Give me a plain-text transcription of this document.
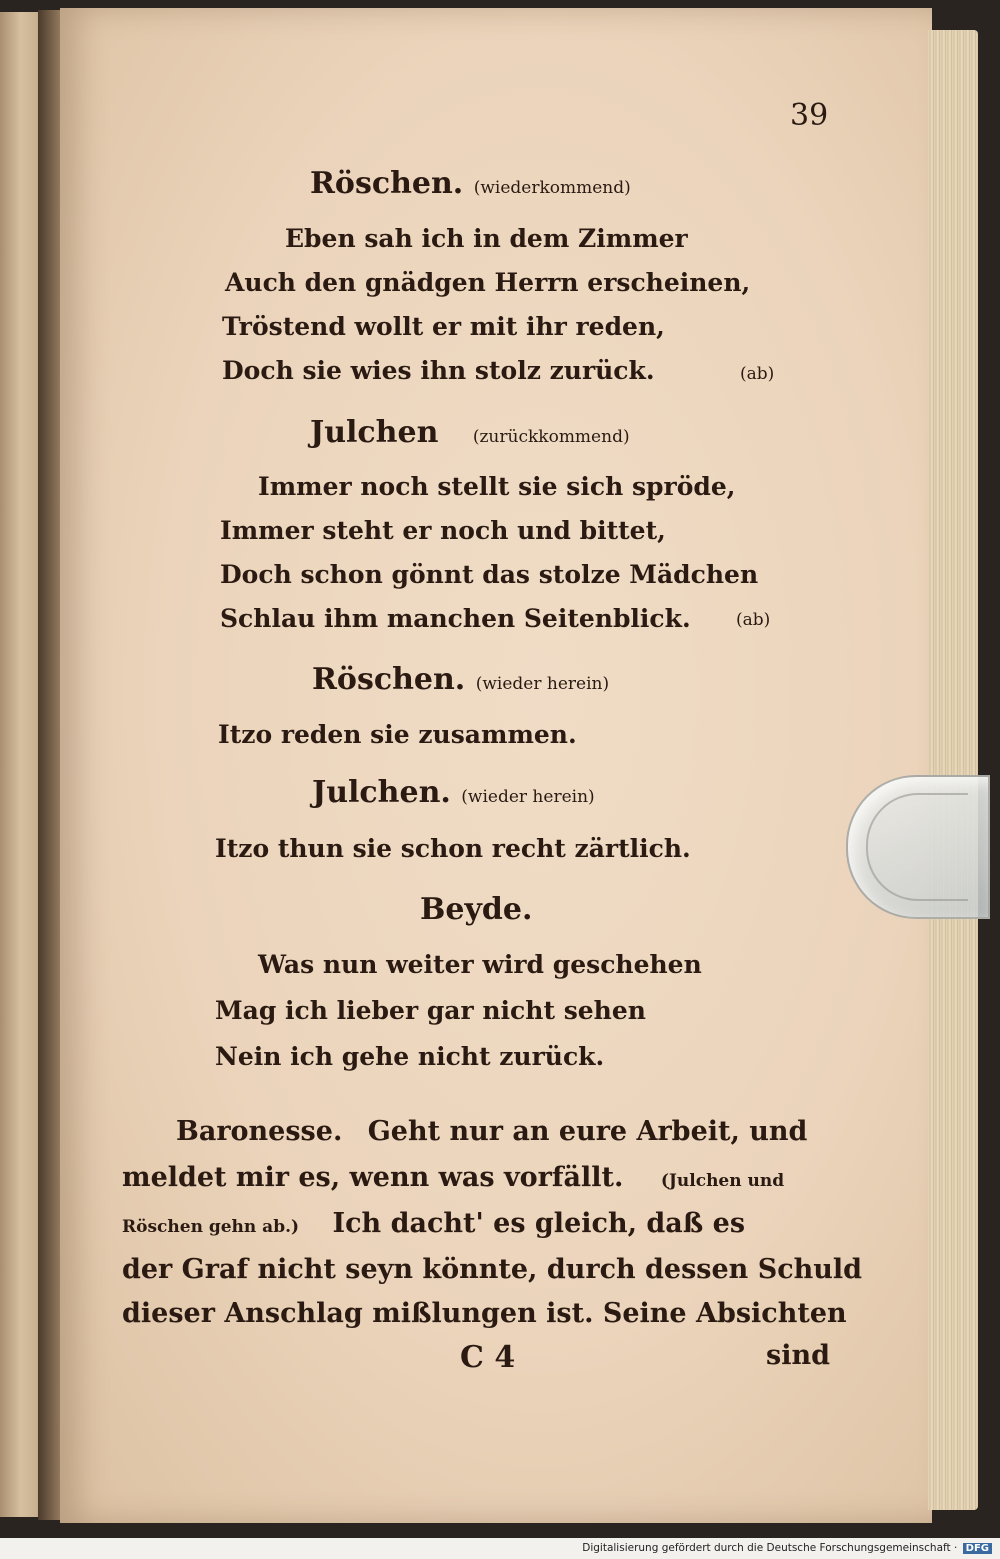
39
Röschen. (wiederkommend)
Eben sah ich in dem Zimmer
Auch den gnädgen Herrn erscheinen,
Tröstend wollt er mit ihr reden,
Doch sie wies ihn stolz zurück.	(ab)
Julchen (zurückkommend)
Immer noch stellt sie sich spröde,
Immer steht er noch und bittet,
Doch schon gönnt das stolze Mädchen
Schlau ihm manchen Seitenblick.	(ab)
Röschen. (wieder herein)
Itzo reden sie zusammen.
Julchen. (wieder herein)
Itzo thun sie schon recht zärtlich.
Beyde.
Was nun weiter wird geschehen
Mag ich lieber gar nicht sehen
Nein ich gehe nicht zurück.
Baronesse. Geht nur an eure Arbeit, und
meldet mir es, wenn was vorfällt. (Julchen und
Röschen gehn ab.) Ich dacht' es gleich, daß es
der Graf nicht seyn könnte, durch dessen Schuld
dieser Anschlag mißlungen ist. Seine Absichten
C 4	sind
Digitalisierung gefördert durch die Deutsche Forschungsgemeinschaft · DFG
